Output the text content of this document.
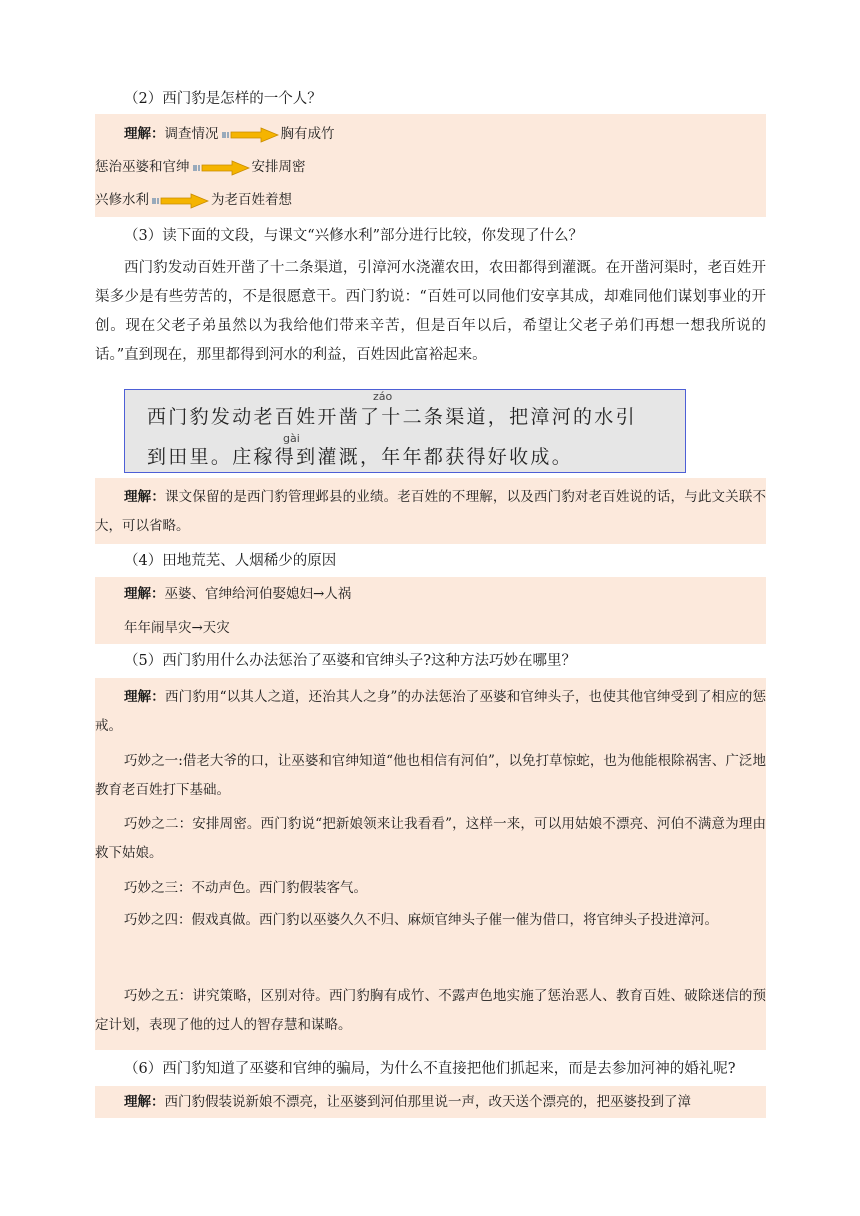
（2）西门豹是怎样的一个人？
理解：调查情况	胸有成竹
惩治巫婆和官绅	安排周密
兴修水利	为老百姓着想
（3）读下面的文段，与课文“兴修水利”部分进行比较，你发现了什么？
西门豹发动百姓开凿了十二条渠道，引漳河水浇灌农田，农田都得到灌溉。在开凿河渠时，老百姓开渠多少是有些劳苦的，不是很愿意干。西门豹说：“百姓可以同他们安享其成，却难同他们谋划事业的开创。现在父老子弟虽然以为我给他们带来辛苦，但是百年以后，希望让父老子弟们再想一想我所说的话。”直到现在，那里都得到河水的利益，百姓因此富裕起来。
záo
西门豹发动老百姓开凿了十二条渠道，把漳河的水引
gài
到田里。庄稼得到灌溉，年年都获得好收成。
理解：课文保留的是西门豹管理邺县的业绩。老百姓的不理解，以及西门豹对老百姓说的话，与此文关联不大，可以省略。
（4）田地荒芜、人烟稀少的原因
理解：巫婆、官绅给河伯娶媳妇→人祸
年年闹旱灾→天灾
（5）西门豹用什么办法惩治了巫婆和官绅头子?这种方法巧妙在哪里？
理解：西门豹用“以其人之道，还治其人之身”的办法惩治了巫婆和官绅头子，也使其他官绅受到了相应的惩戒。
巧妙之一:借老大爷的口，让巫婆和官绅知道“他也相信有河伯”，以免打草惊蛇，也为他能根除祸害、广泛地教育老百姓打下基础。
巧妙之二：安排周密。西门豹说“把新娘领来让我看看”，这样一来，可以用姑娘不漂亮、河伯不满意为理由救下姑娘。
巧妙之三：不动声色。西门豹假装客气。
巧妙之四：假戏真做。西门豹以巫婆久久不归、麻烦官绅头子催一催为借口，将官绅头子投进漳河。
巧妙之五：讲究策略，区别对待。西门豹胸有成竹、不露声色地实施了惩治恶人、教育百姓、破除迷信的预定计划，表现了他的过人的智存慧和谋略。
（6）西门豹知道了巫婆和官绅的骗局，为什么不直接把他们抓起来，而是去参加河神的婚礼呢?
理解：西门豹假装说新娘不漂亮，让巫婆到河伯那里说一声，改天送个漂亮的，把巫婆投到了漳
